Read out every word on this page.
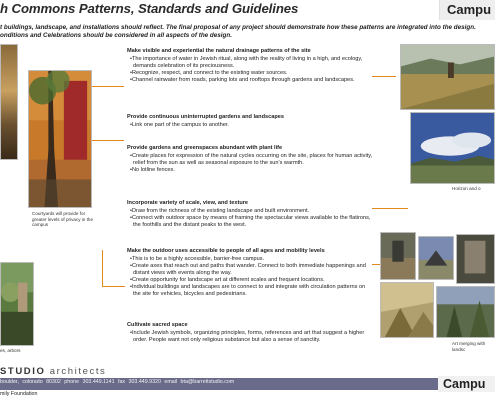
h Commons Patterns, Standards and Guidelines	Campu
t buildings, landscape, and installations should reflect. The final proposal of any project should demonstrate how these patterns are integrated into the design.
onditions and Celebrations should be considered in all aspects of the design.
Courtyards will provide for greater levels of privacy in the campus
es, arbors
Make visible and experiential the natural drainage patterns of the site
•The importance of water in Jewish ritual, along with the reality of living in a high, and ecology, demands celebration of its preciousness.
•Recognize, respect, and connect to the existing water sources.
•Channel rainwater from roads, parking lots and rooftops through gardens and landscapes.
Provide continuous uninterrupted gardens and landscapes
•Link one part of the campus to another.
Provide gardens and greenspaces abundant with plant life
•Create places for expression of the natural cycles occurring on the site, places for human activity, relief from the sun as well as seasonal exposure to the sun's warmth.
•No lotline fences.
Incorporate variety of scale, view, and texture
•Draw from the richness of the existing landscape and built environment.
•Connect with outdoor space by means of framing the spectacular views available to the flatirons, the foothills and the distant peaks to the west.
Make the outdoor uses accessible to people of all ages and mobility levels
•This is to be a highly accessible, barrier-free campus.
•Create axes that reach out and paths that wander. Connect to both immediate happenings and distant views with events along the way.
•Create opportunity for landscape art at different scales and frequent locations.
•Individual buildings and landscapes are to connect to and integrate with circulation patterns on the site for vehicles, bicycles and pedestrians.
Cultivate sacred space
•Include Jewish symbols, organizing principles, forms, references and art that suggest a higher order. People want not only religious substance but also a sense of sanctity.
Horizon and o
Art merging with landsc
STUDIO architects
boulder, colorado 80302 phone 303.449.1141 fax 303.449.9320 email bta@barrettstudio.com	Campu
mily Foundation
